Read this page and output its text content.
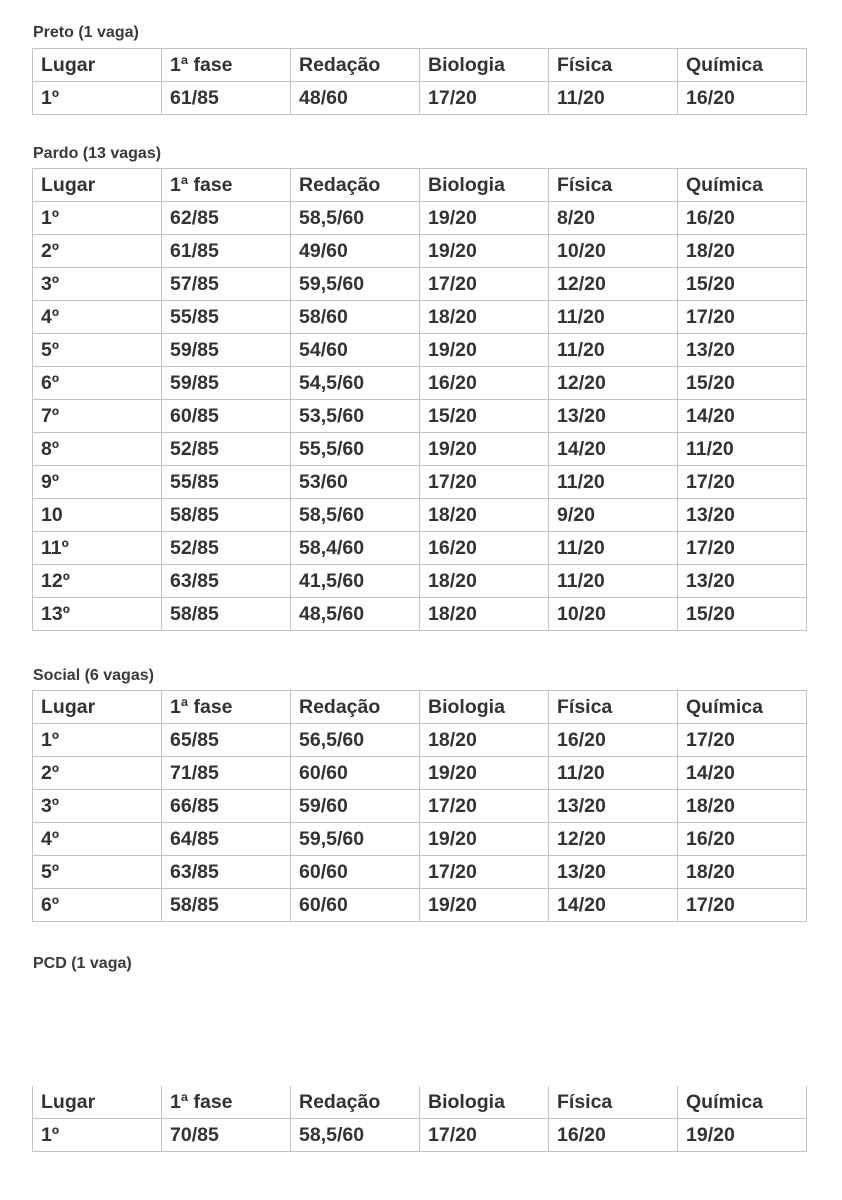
Preto (1 vaga)
Lugar	1ª fase	Redação	Biologia	Física	Química
1º	61/85	48/60	17/20	11/20	16/20
Pardo (13 vagas)
Lugar	1ª fase	Redação	Biologia	Física	Química
1º	62/85	58,5/60	19/20	8/20	16/20
2º	61/85	49/60	19/20	10/20	18/20
3º	57/85	59,5/60	17/20	12/20	15/20
4º	55/85	58/60	18/20	11/20	17/20
5º	59/85	54/60	19/20	11/20	13/20
6º	59/85	54,5/60	16/20	12/20	15/20
7º	60/85	53,5/60	15/20	13/20	14/20
8º	52/85	55,5/60	19/20	14/20	11/20
9º	55/85	53/60	17/20	11/20	17/20
10	58/85	58,5/60	18/20	9/20	13/20
11º	52/85	58,4/60	16/20	11/20	17/20
12º	63/85	41,5/60	18/20	11/20	13/20
13º	58/85	48,5/60	18/20	10/20	15/20
Social (6 vagas)
Lugar	1ª fase	Redação	Biologia	Física	Química
1º	65/85	56,5/60	18/20	16/20	17/20
2º	71/85	60/60	19/20	11/20	14/20
3º	66/85	59/60	17/20	13/20	18/20
4º	64/85	59,5/60	19/20	12/20	16/20
5º	63/85	60/60	17/20	13/20	18/20
6º	58/85	60/60	19/20	14/20	17/20
PCD (1 vaga)
Lugar	1ª fase	Redação	Biologia	Física	Química
1º	70/85	58,5/60	17/20	16/20	19/20
